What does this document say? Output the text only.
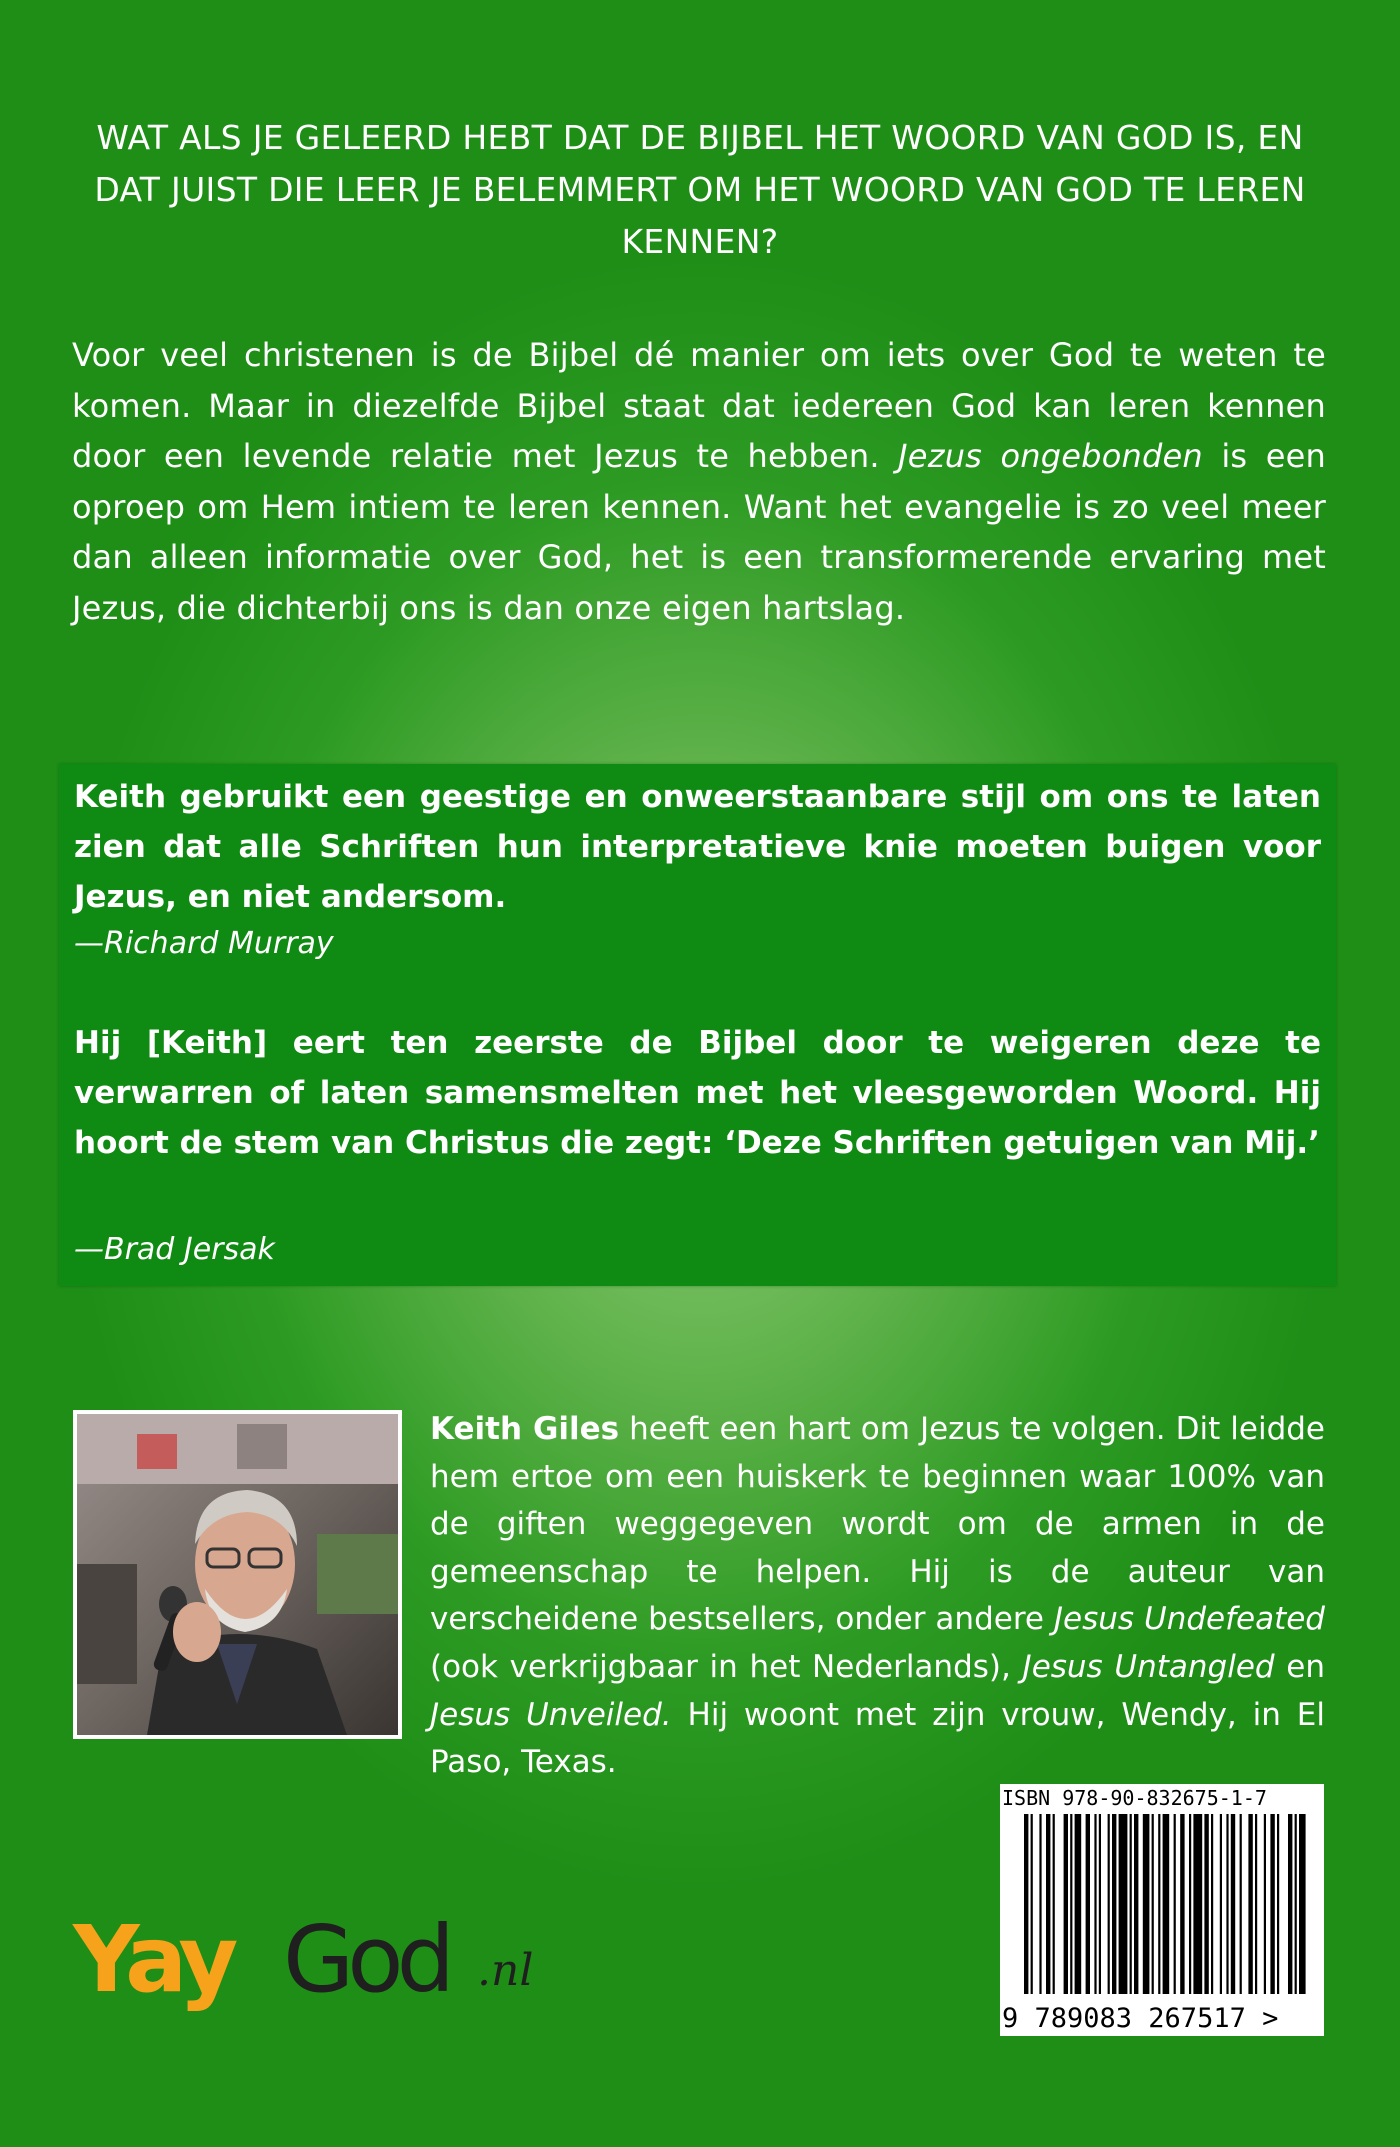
WAT ALS JE GELEERD HEBT DAT DE BIJBEL HET WOORD VAN GOD IS, EN DAT JUIST DIE LEER JE BELEMMERT OM HET WOORD VAN GOD TE LEREN KENNEN?

Voor veel christenen is de Bijbel dé manier om iets over God te weten te komen. Maar in diezelfde Bijbel staat dat iedereen God kan leren kennen door een levende relatie met Jezus te hebben. Jezus ongebonden is een oproep om Hem intiem te leren kennen. Want het evangelie is zo veel meer dan alleen informatie over God, het is een transformerende ervaring met Jezus, die dichterbij ons is dan onze eigen hartslag.

Keith gebruikt een geestige en onweerstaanbare stijl om ons te laten zien dat alle Schriften hun interpretatieve knie moeten buigen voor Jezus, en niet andersom.

—Richard Murray

Hij [Keith] eert ten zeerste de Bijbel door te weigeren deze te verwarren of laten samensmelten met het vleesgeworden Woord. Hij hoort de stem van Christus die zegt: ‘Deze Schriften getuigen van Mij.’

—Brad Jersak

Keith Giles heeft een hart om Jezus te volgen. Dit leidde hem ertoe om een huiskerk te beginnen waar 100% van de giften weggegeven wordt om de armen in de gemeenschap te helpen. Hij is de auteur van verscheidene bestsellers, onder andere Jesus Undefeated (ook verkrijgbaar in het Nederlands), Jesus Untangled en Jesus Unveiled. Hij woont met zijn vrouw, Wendy, in El Paso, Texas.

ISBN 978-90-832675-1-7

9 789083 267517 >

Yay God .nl
